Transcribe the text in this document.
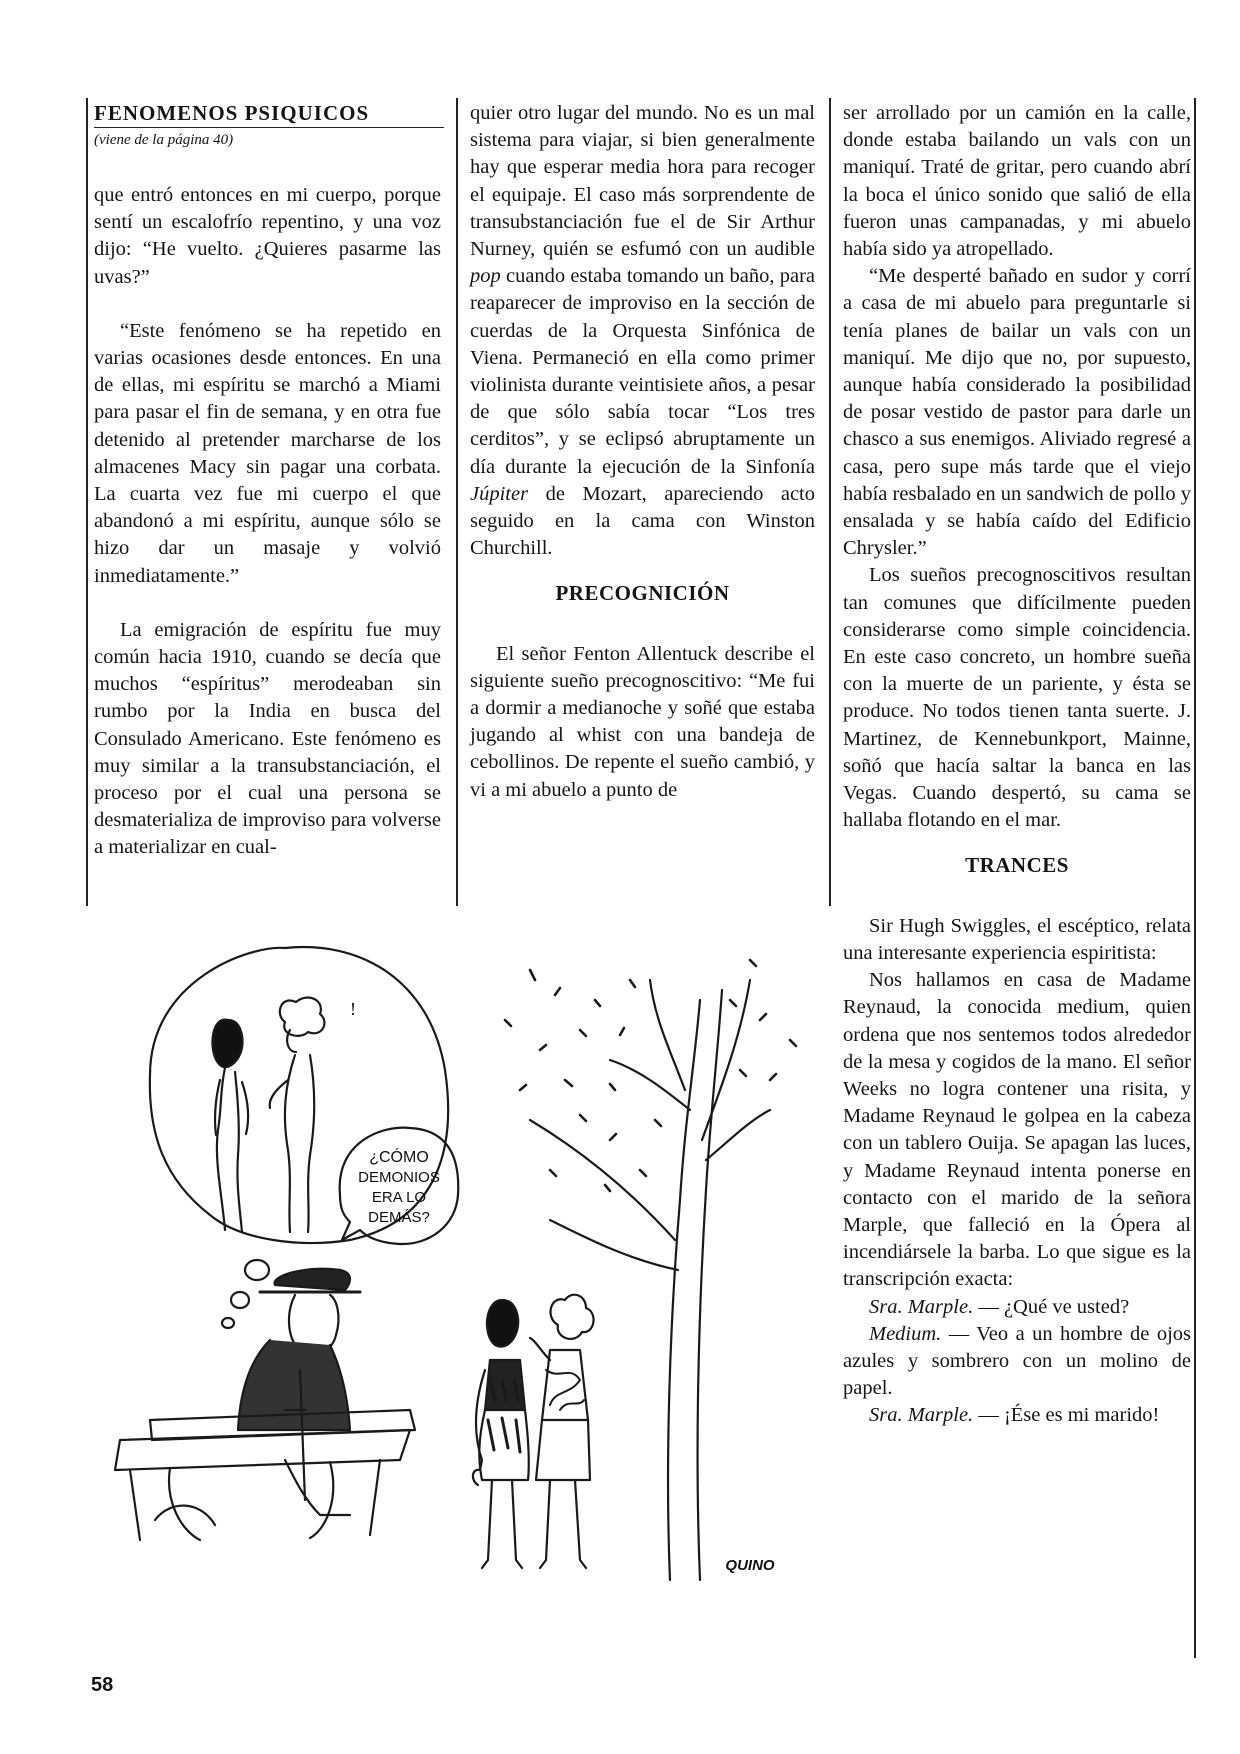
FENOMENOS PSIQUICOS
(viene de la página 40)

que entró entonces en mi cuerpo, porque sentí un escalofrío repentino, y una voz dijo: “He vuelto. ¿Quieres pasarme las uvas?”

“Este fenómeno se ha repetido en varias ocasiones desde entonces. En una de ellas, mi espíritu se marchó a Miami para pasar el fin de semana, y en otra fue detenido al pretender marcharse de los almacenes Macy sin pagar una corbata. La cuarta vez fue mi cuerpo el que abandonó a mi espíritu, aunque sólo se hizo dar un masaje y volvió inmediatamente.”

La emigración de espíritu fue muy común hacia 1910, cuando se decía que muchos “espíritus” merodeaban sin rumbo por la India en busca del Consulado Americano. Este fenómeno es muy similar a la transubstanciación, el proceso por el cual una persona se desmaterializa de improviso para volverse a materializar en cual-

quier otro lugar del mundo. No es un mal sistema para viajar, si bien generalmente hay que esperar media hora para recoger el equipaje. El caso más sorprendente de transubstanciación fue el de Sir Arthur Nurney, quién se esfumó con un audible pop cuando estaba tomando un baño, para reaparecer de improviso en la sección de cuerdas de la Orquesta Sinfónica de Viena. Permaneció en ella como primer violinista durante veintisiete años, a pesar de que sólo sabía tocar “Los tres cerditos”, y se eclipsó abruptamente un día durante la ejecución de la Sinfonía Júpiter de Mozart, apareciendo acto seguido en la cama con Winston Churchill.

PRECOGNICIÓN

El señor Fenton Allentuck describe el siguiente sueño precognoscitivo: “Me fui a dormir a medianoche y soñé que estaba jugando al whist con una bandeja de cebollinos. De repente el sueño cambió, y vi a mi abuelo a punto de

ser arrollado por un camión en la calle, donde estaba bailando un vals con un maniquí. Traté de gritar, pero cuando abrí la boca el único sonido que salió de ella fueron unas campanadas, y mi abuelo había sido ya atropellado.

“Me desperté bañado en sudor y corrí a casa de mi abuelo para preguntarle si tenía planes de bailar un vals con un maniquí. Me dijo que no, por supuesto, aunque había considerado la posibilidad de posar vestido de pastor para darle un chasco a sus enemigos. Aliviado regresé a casa, pero supe más tarde que el viejo había resbalado en un sandwich de pollo y ensalada y se había caído del Edificio Chrysler.”

Los sueños precognoscitivos resultan tan comunes que difícilmente pueden considerarse como simple coincidencia. En este caso concreto, un hombre sueña con la muerte de un pariente, y ésta se produce. No todos tienen tanta suerte. J. Martinez, de Kennebunkport, Mainne, soñó que hacía saltar la banca en las Vegas. Cuando despertó, su cama se hallaba flotando en el mar.

TRANCES

Sir Hugh Swiggles, el escéptico, relata una interesante experiencia espiritista:

Nos hallamos en casa de Madame Reynaud, la conocida medium, quien ordena que nos sentemos todos alrededor de la mesa y cogidos de la mano. El señor Weeks no logra contener una risita, y Madame Reynaud le golpea en la cabeza con un tablero Ouija. Se apagan las luces, y Madame Reynaud intenta ponerse en contacto con el marido de la señora Marple, que falleció en la Ópera al incendiársele la barba. Lo que sigue es la transcripción exacta:

Sra. Marple. — ¿Qué ve usted?

Medium. — Veo a un hombre de ojos azules y sombrero con un molino de papel.

Sra. Marple. — ¡Ése es mi marido!

!
¿CÓMO
DEMONIOS
ERA LO
DEMÁS?
QUINO
58
